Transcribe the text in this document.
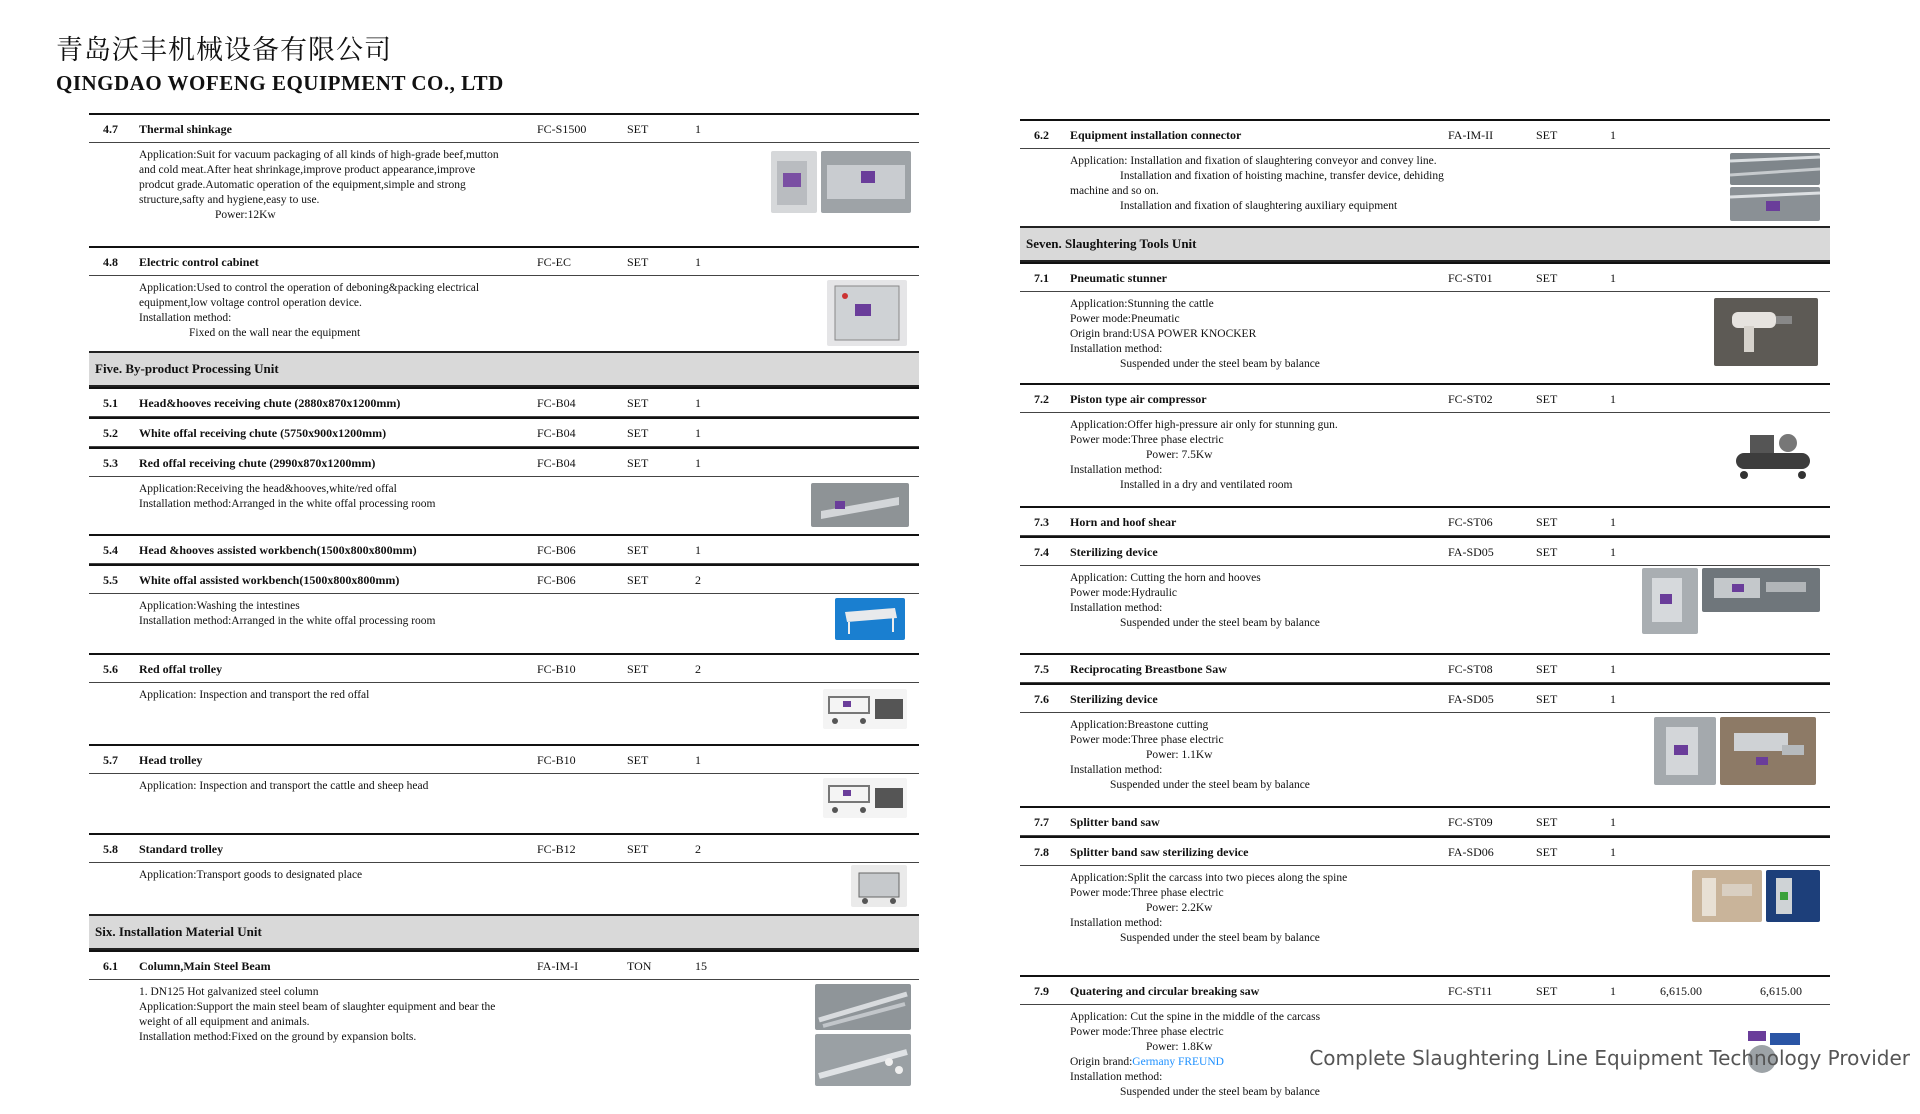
青岛沃丰机械设备有限公司
QINGDAO WOFENG EQUIPMENT CO., LTD
4.7 Thermal shinkage	FC-S1500	SET	1
Application:Suit for vacuum packaging of all kinds of high-grade beef,mutton
and cold meat.After heat shrinkage,improve product appearance,improve
prodcut grade.Automatic operation of the equipment,simple and strong
structure,safty and hygiene,easy to use.
Power:12Kw
4.8 Electric control cabinet	FC-EC	SET	1
Application:Used to control the operation of deboning&packing electrical
equipment,low voltage control operation device.
Installation method:
Fixed on the wall near the equipment
Five. By-product Processing Unit
5.1 Head&hooves receiving chute (2880x870x1200mm)	FC-B04	SET	1
5.2 White offal receiving chute (5750x900x1200mm)	FC-B04	SET	1
5.3 Red offal receiving chute (2990x870x1200mm)	FC-B04	SET	1
Application:Receiving the head&hooves,white/red offal
Installation method:Arranged in the white offal processing room
5.4 Head &hooves assisted workbench(1500x800x800mm)	FC-B06	SET	1
5.5 White offal assisted workbench(1500x800x800mm)	FC-B06	SET	2
Application:Washing the intestines
Installation method:Arranged in the white offal processing room
5.6 Red offal trolley	FC-B10	SET	2
Application: Inspection and transport the red offal
5.7 Head trolley	FC-B10	SET	1
Application: Inspection and transport the cattle and sheep head
5.8 Standard trolley	FC-B12	SET	2
Application:Transport goods to designated place
Six. Installation Material Unit
6.1 Column,Main Steel Beam	FA-IM-I	TON	15
1. DN125 Hot galvanized steel column
Application:Support the main steel beam of slaughter equipment and bear the
weight of all equipment and animals.
Installation method:Fixed on the ground by expansion bolts.
6.2 Equipment installation connector	FA-IM-II	SET	1
Application: Installation and fixation of slaughtering conveyor and convey line.
Installation and fixation of hoisting machine, transfer device, dehiding
machine and so on.
Installation and fixation of slaughtering auxiliary equipment
Seven. Slaughtering Tools Unit
7.1 Pneumatic stunner	FC-ST01	SET	1
Application:Stunning the cattle
Power mode:Pneumatic
Origin brand:USA POWER KNOCKER
Installation method:
Suspended under the steel beam by balance
7.2 Piston type air compressor	FC-ST02	SET	1
Application:Offer high-pressure air only for stunning gun.
Power mode:Three phase electric
Power: 7.5Kw
Installation method:
Installed in a dry and ventilated room
7.3 Horn and hoof shear	FC-ST06	SET	1
7.4 Sterilizing device	FA-SD05	SET	1
Application: Cutting the horn and hooves
Power mode:Hydraulic
Installation method:
Suspended under the steel beam by balance
7.5 Reciprocating Breastbone Saw	FC-ST08	SET	1
7.6 Sterilizing device	FA-SD05	SET	1
Application:Breastone cutting
Power mode:Three phase electric
Power: 1.1Kw
Installation method:
Suspended under the steel beam by balance
7.7 Splitter band saw	FC-ST09	SET	1
7.8 Splitter band saw sterilizing device	FA-SD06	SET	1
Application:Split the carcass into two pieces along the spine
Power mode:Three phase electric
Power: 2.2Kw
Installation method:
Suspended under the steel beam by balance
7.9 Quatering and circular breaking saw	FC-ST11	SET	1	6,615.00	6,615.00
Application: Cut the spine in the middle of the carcass
Power mode:Three phase electric
Power: 1.8Kw
Origin brand:Germany FREUND
Installation method:
Suspended under the steel beam by balance
Complete Slaughtering Line Equipment Technology Provider
